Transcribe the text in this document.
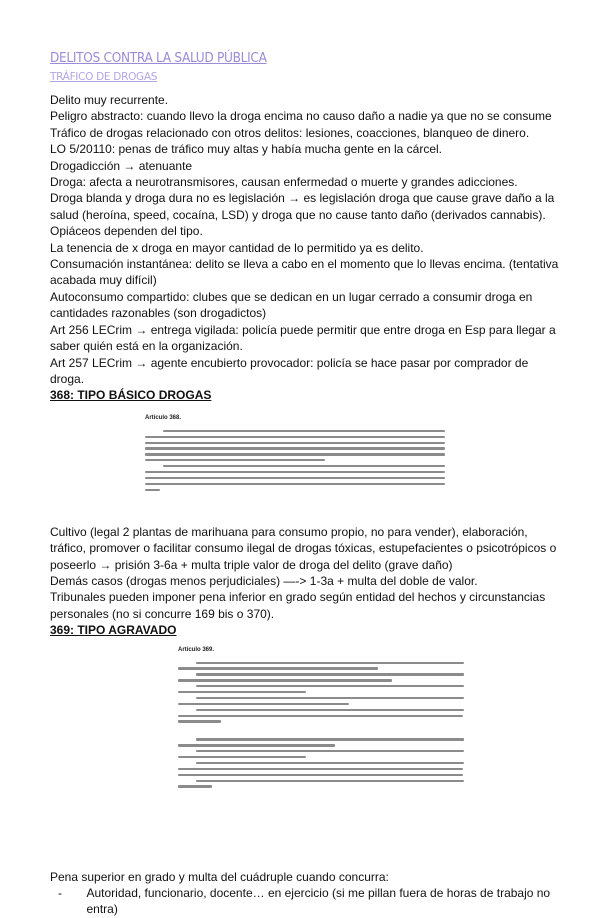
DELITOS CONTRA LA SALUD PÚBLICA
TRÁFICO DE DROGAS

Delito muy recurrente.

Peligro abstracto: cuando llevo la droga encima no causo daño a nadie ya que no se consume

Tráfico de drogas relacionado con otros delitos: lesiones, coacciones, blanqueo de dinero.

LO 5/20110: penas de tráfico muy altas y había mucha gente en la cárcel.

Drogadicción → atenuante

Droga: afecta a neurotransmisores, causan enfermedad o muerte y grandes adicciones.

Droga blanda y droga dura no es legislación → es legislación droga que cause grave daño a la salud (heroína, speed, cocaína, LSD) y droga que no cause tanto daño (derivados cannabis). Opiáceos dependen del tipo.

La tenencia de x droga en mayor cantidad de lo permitido ya es delito.

Consumación instantánea: delito se lleva a cabo en el momento que lo llevas encima. (tentativa acabada muy difícil)

Autoconsumo compartido: clubes que se dedican en un lugar cerrado a consumir droga en cantidades razonables (son drogadictos)

Art 256 LECrim → entrega vigilada: policía puede permitir que entre droga en Esp para llegar a saber quién está en la organización.

Art 257 LECrim → agente encubierto provocador: policía se hace pasar por comprador de droga.

368: TIPO BÁSICO DROGAS

Artículo 368.

Cultivo (legal 2 plantas de marihuana para consumo propio, no para vender), elaboración, tráfico, promover o facilitar consumo ilegal de drogas tóxicas, estupefacientes o psicotrópicos o poseerlo → prisión 3-6a + multa triple valor de droga del delito (grave daño)

Demás casos (drogas menos perjudiciales) —-> 1-3a + multa del doble de valor.

Tribunales pueden imponer pena inferior en grado según entidad del hechos y circunstancias personales (no si concurre 169 bis o 370).

369: TIPO AGRAVADO

Artículo 369.

Pena superior en grado y multa del cuádruple cuando concurra:

-	Autoridad, funcionario, docente… en ejercicio (si me pillan fuera de horas de trabajo no entra)
